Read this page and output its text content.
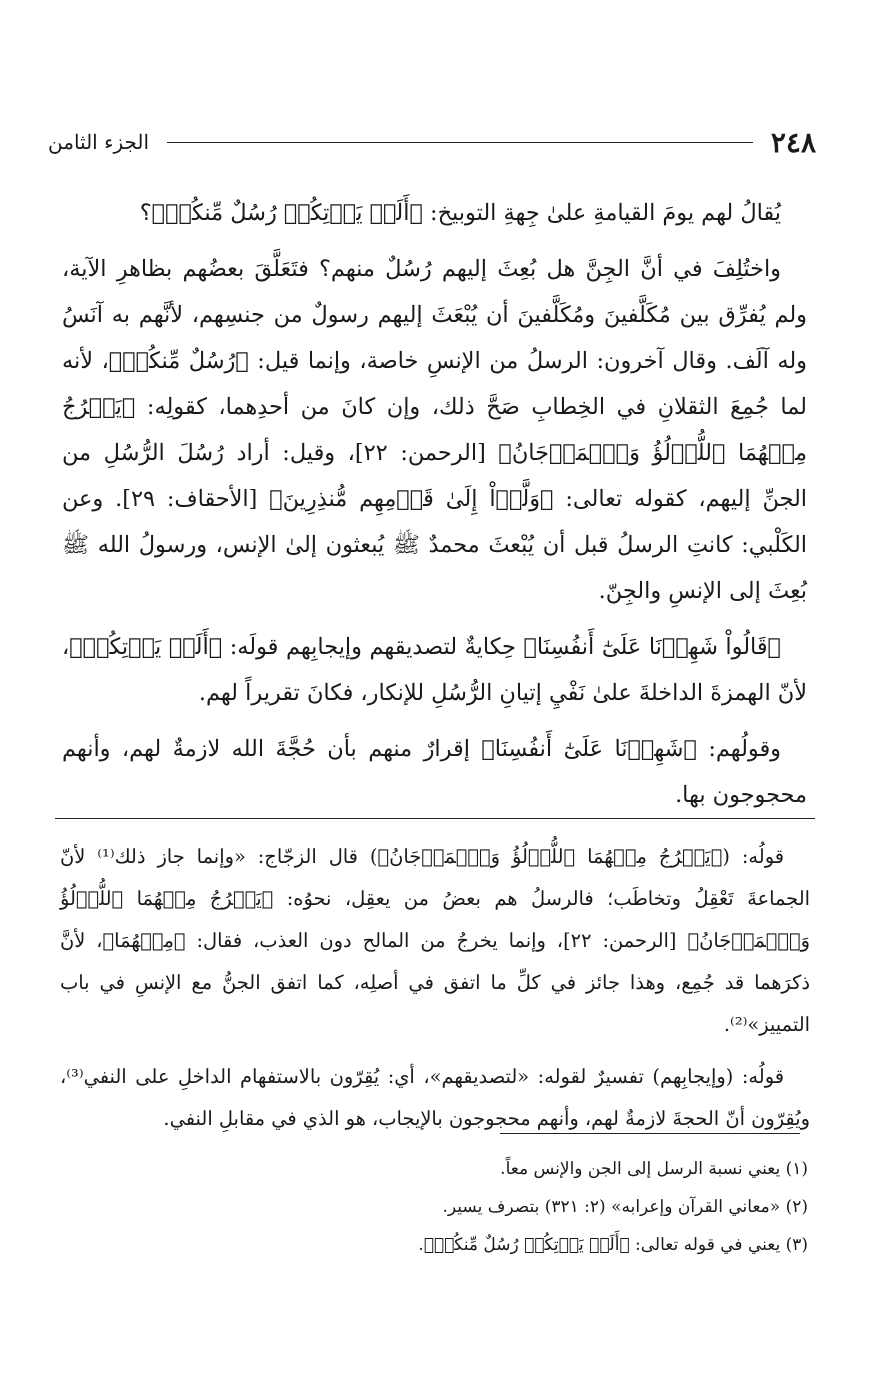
٢٤٨
الجزء الثامن

يُقالُ لهم يومَ القيامةِ علىٰ جِهةِ التوبيخ: ﴿أَلَمۡ يَأۡتِكُمۡ رُسُلٌ مِّنكُمۡ﴾؟

واختُلِفَ في أنَّ الجِنَّ هل بُعِثَ إليهم رُسُلٌ منهم؟ فتَعَلَّقَ بعضُهم بظاهرِ الآية، ولم يُفرِّق بين مُكَلَّفينَ ومُكَلَّفينَ أن يُبْعَثَ إليهم رسولٌ من جنسِهم، لأنَّهم به آنَسُ وله آلَف. وقال آخرون: الرسلُ من الإنسِ خاصة، وإنما قيل: ﴿رُسُلٌ مِّنكُمۡ﴾، لأنه لما جُمِعَ الثقلانِ في الخِطابِ صَحَّ ذلك، وإن كانَ من أحدِهما، كقولِه: ﴿يَخۡرُجُ مِنۡهُمَا ٱللُّؤۡلُؤُ وَٱلۡمَرۡجَانُ﴾ [الرحمن: ٢٢]، وقيل: أراد رُسُلَ الرُّسُلِ من الجنِّ إليهم، كقوله تعالى: ﴿وَلَّوۡاْ إِلَىٰ قَوۡمِهِم مُّنذِرِينَ﴾ [الأحقاف: ٢٩]. وعن الكَلْبي: كانتِ الرسلُ قبل أن يُبْعثَ محمدٌ ﷺ يُبعثون إلىٰ الإنس، ورسولُ الله ﷺ بُعِثَ إلى الإنسِ والجِنّ.

﴿قَالُواْ شَهِدۡنَا عَلَىٰٓ أَنفُسِنَا﴾ حِكايةٌ لتصديقهم وإيجابِهم قولَه: ﴿أَلَمۡ يَأۡتِكُمۡ﴾، لأنّ الهمزةَ الداخلةَ علىٰ نَفْيِ إتيانِ الرُّسُلِ للإنكار، فكانَ تقريراً لهم.

وقولُهم: ﴿شَهِدۡنَا عَلَىٰٓ أَنفُسِنَا﴾ إقرارٌ منهم بأن حُجَّةَ الله لازمةٌ لهم، وأنهم محجوجون بها.

قولُه: (﴿يَخۡرُجُ مِنۡهُمَا ٱللُّؤۡلُؤُ وَٱلۡمَرۡجَانُ﴾) قال الزجّاج: «وإنما جاز ذلك⁽¹⁾ لأنّ الجماعةَ تَعْقِلُ وتخاطَب؛ فالرسلُ هم بعضُ من يعقِل، نحوُه: ﴿يَخۡرُجُ مِنۡهُمَا ٱللُّؤۡلُؤُ وَٱلۡمَرۡجَانُ﴾ [الرحمن: ٢٢]، وإنما يخرجُ من المالح دون العذب، فقال: ﴿مِنۡهُمَا﴾، لأنَّ ذكرَهما قد جُمِع، وهذا جائز في كلِّ ما اتفق في أصلِه، كما اتفق الجنُّ مع الإنسِ في باب التمييز»⁽²⁾.

قولُه: (وإيجابِهم) تفسيرٌ لقوله: «لتصديقهم»، أي: يُقِرّون بالاستفهام الداخلِ على النفي⁽³⁾، ويُقِرّون أنّ الحجةَ لازمةٌ لهم، وأنهم محجوجون بالإيجاب، هو الذي في مقابلِ النفي.

(١) يعني نسبة الرسل إلى الجن والإنس معاً.
(٢) «معاني القرآن وإعرابه» (٢: ٣٢١) بتصرف يسير.
(٣) يعني في قوله تعالى: ﴿أَلَمۡ يَأۡتِكُمۡ رُسُلٌ مِّنكُمۡ﴾.
